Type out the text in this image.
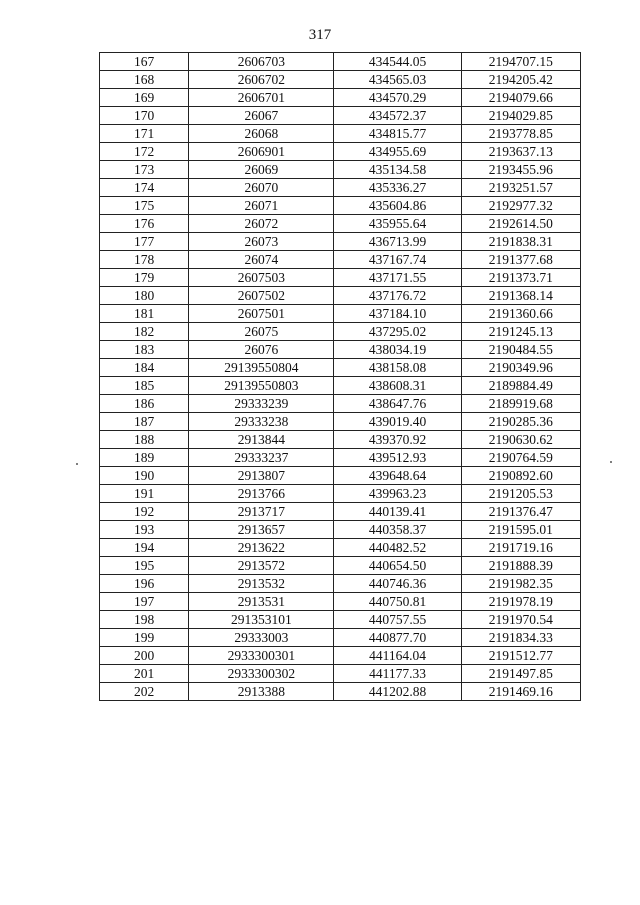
317
167	2606703	434544.05	2194707.15
168	2606702	434565.03	2194205.42
169	2606701	434570.29	2194079.66
170	26067	434572.37	2194029.85
171	26068	434815.77	2193778.85
172	2606901	434955.69	2193637.13
173	26069	435134.58	2193455.96
174	26070	435336.27	2193251.57
175	26071	435604.86	2192977.32
176	26072	435955.64	2192614.50
177	26073	436713.99	2191838.31
178	26074	437167.74	2191377.68
179	2607503	437171.55	2191373.71
180	2607502	437176.72	2191368.14
181	2607501	437184.10	2191360.66
182	26075	437295.02	2191245.13
183	26076	438034.19	2190484.55
184	29139550804	438158.08	2190349.96
185	29139550803	438608.31	2189884.49
186	29333239	438647.76	2189919.68
187	29333238	439019.40	2190285.36
188	2913844	439370.92	2190630.62
189	29333237	439512.93	2190764.59
190	2913807	439648.64	2190892.60
191	2913766	439963.23	2191205.53
192	2913717	440139.41	2191376.47
193	2913657	440358.37	2191595.01
194	2913622	440482.52	2191719.16
195	2913572	440654.50	2191888.39
196	2913532	440746.36	2191982.35
197	2913531	440750.81	2191978.19
198	291353101	440757.55	2191970.54
199	29333003	440877.70	2191834.33
200	2933300301	441164.04	2191512.77
201	2933300302	441177.33	2191497.85
202	2913388	441202.88	2191469.16
